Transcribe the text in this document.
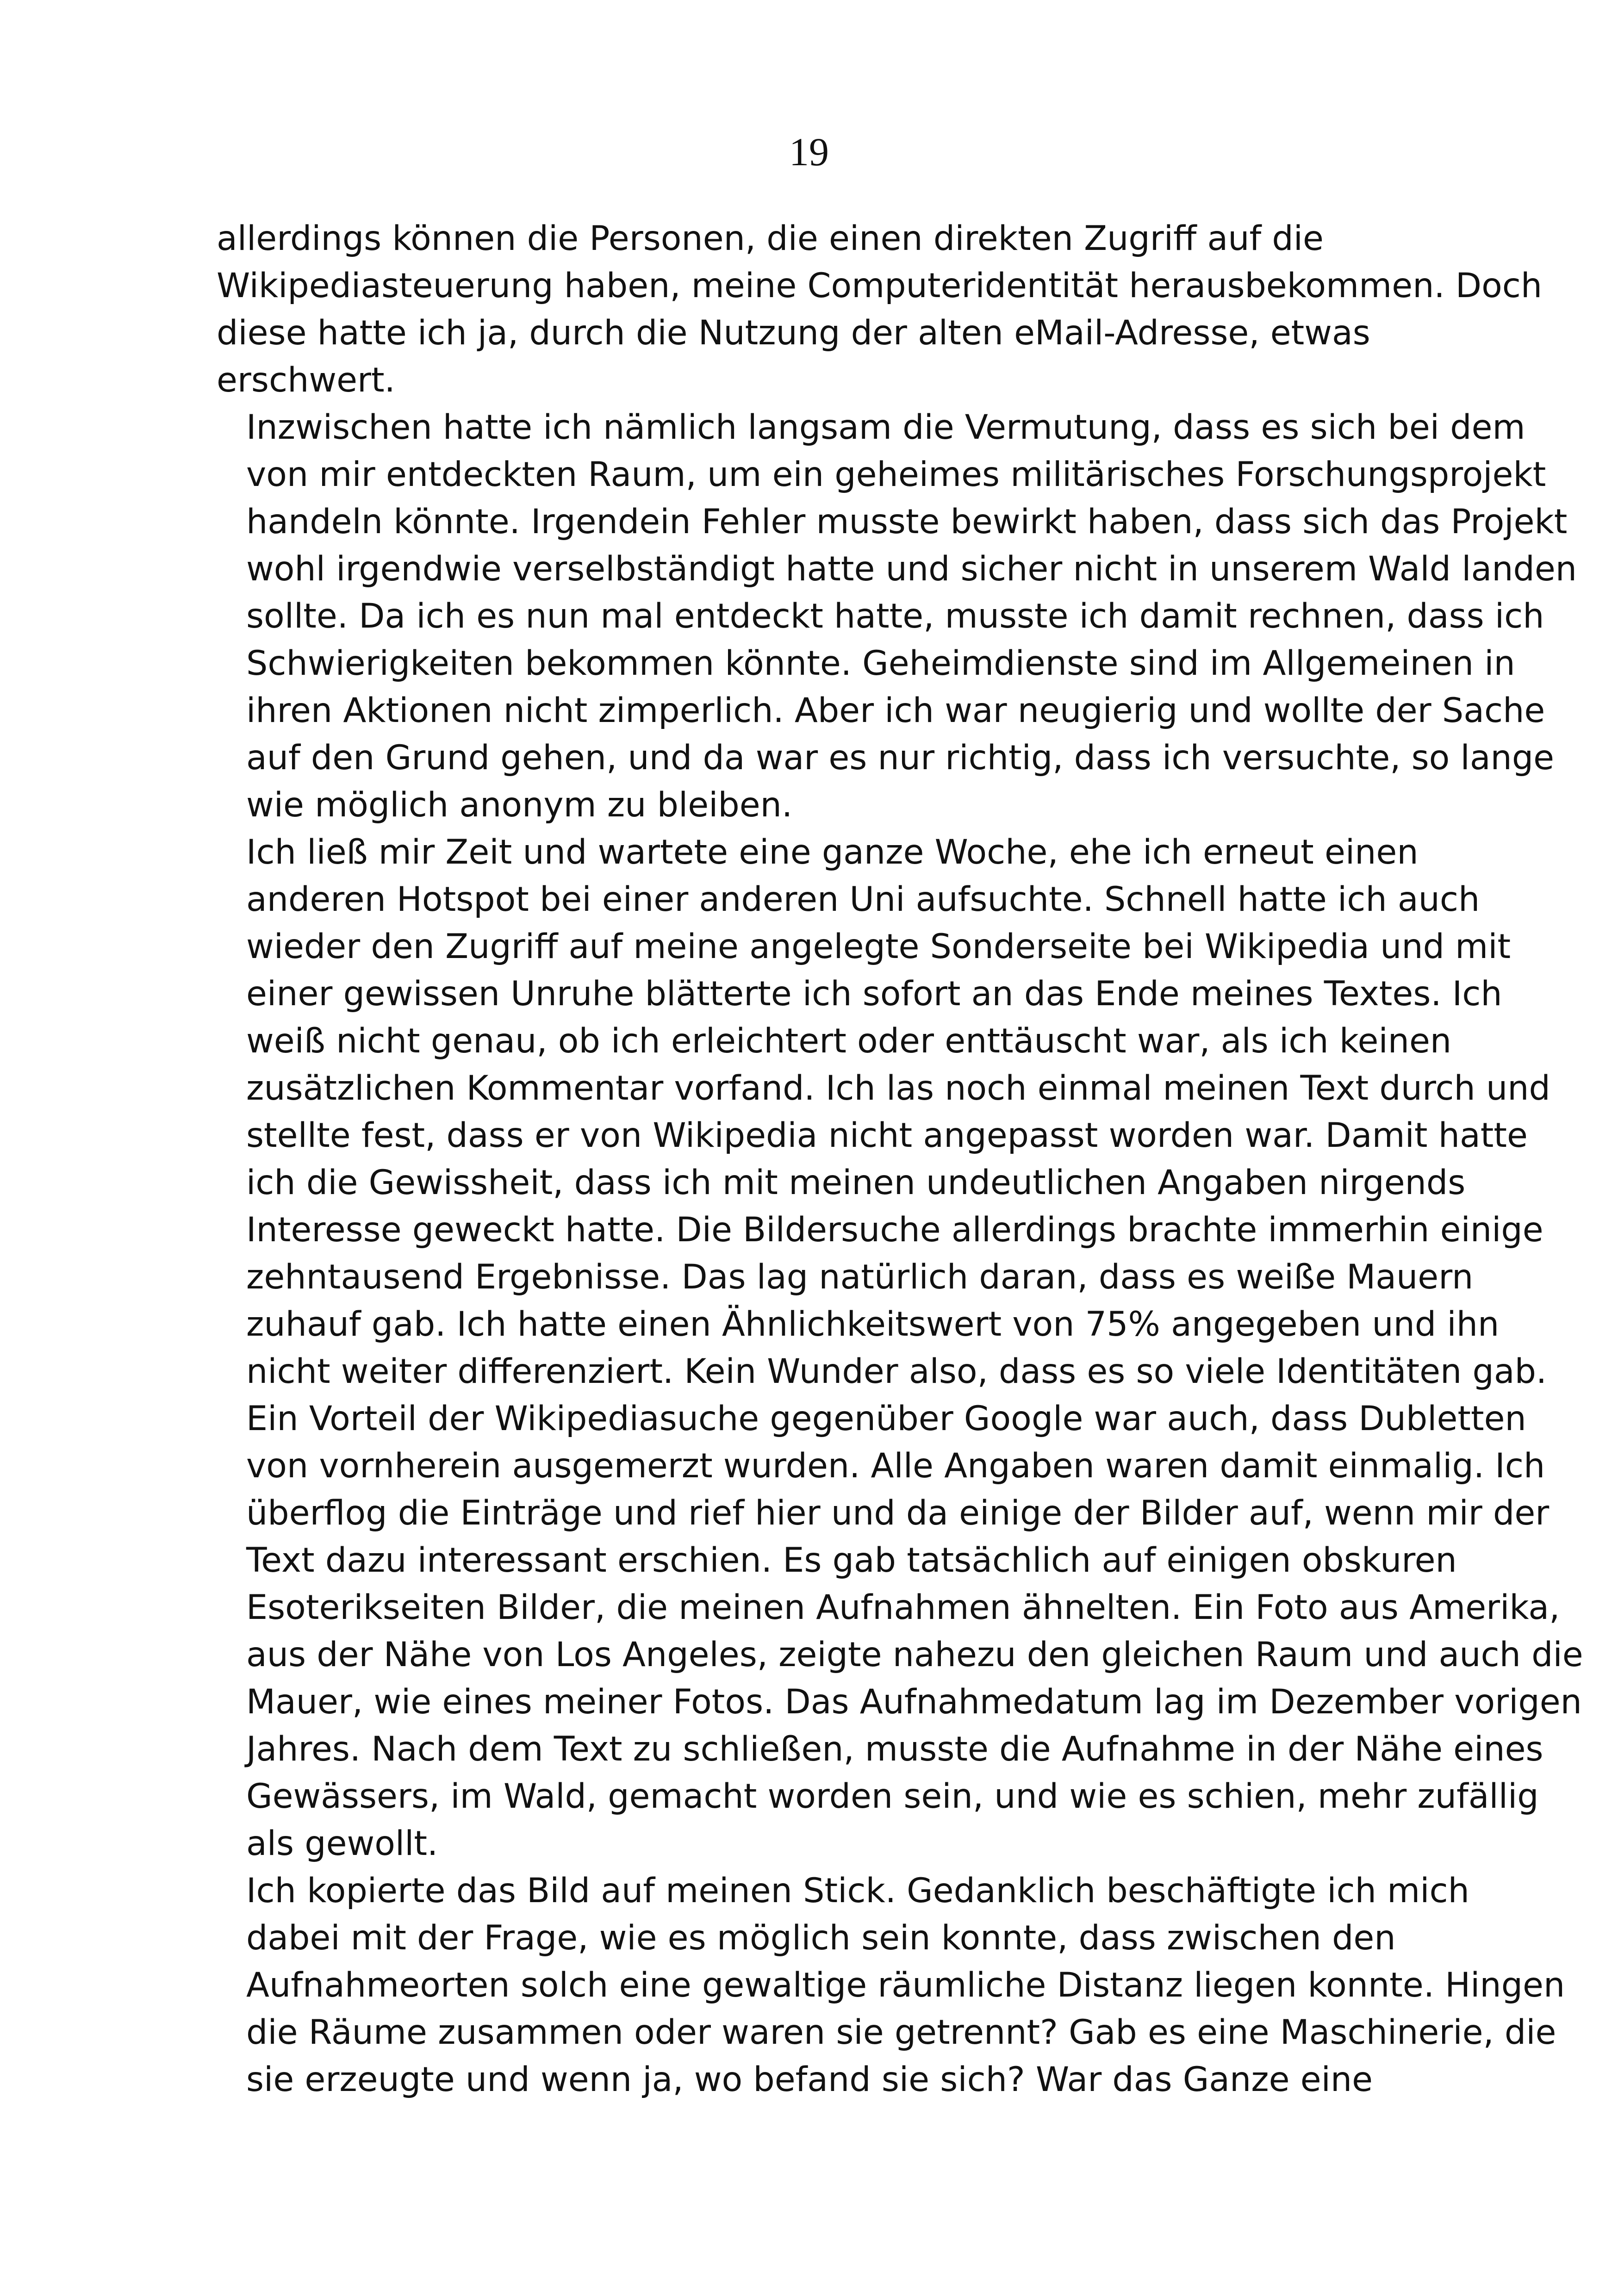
19

allerdings können die Personen, die einen direkten Zugriff auf die
Wikipediasteuerung haben, meine Computeridentität herausbekommen. Doch
diese hatte ich ja, durch die Nutzung der alten eMail-Adresse, etwas
erschwert.

Inzwischen hatte ich nämlich langsam die Vermutung, dass es sich bei dem
von mir entdeckten Raum, um ein geheimes militärisches Forschungsprojekt
handeln könnte. Irgendein Fehler musste bewirkt haben, dass sich das Projekt
wohl irgendwie verselbständigt hatte und sicher nicht in unserem Wald landen
sollte. Da ich es nun mal entdeckt hatte, musste ich damit rechnen, dass ich
Schwierigkeiten bekommen könnte. Geheimdienste sind im Allgemeinen in
ihren Aktionen nicht zimperlich. Aber ich war neugierig und wollte der Sache
auf den Grund gehen, und da war es nur richtig, dass ich versuchte, so lange
wie möglich anonym zu bleiben.

Ich ließ mir Zeit und wartete eine ganze Woche, ehe ich erneut einen
anderen Hotspot bei einer anderen Uni aufsuchte. Schnell hatte ich auch
wieder den Zugriff auf meine angelegte Sonderseite bei Wikipedia und mit
einer gewissen Unruhe blätterte ich sofort an das Ende meines Textes. Ich
weiß nicht genau, ob ich erleichtert oder enttäuscht war, als ich keinen
zusätzlichen Kommentar vorfand. Ich las noch einmal meinen Text durch und
stellte fest, dass er von Wikipedia nicht angepasst worden war. Damit hatte
ich die Gewissheit, dass ich mit meinen undeutlichen Angaben nirgends
Interesse geweckt hatte. Die Bildersuche allerdings brachte immerhin einige
zehntausend Ergebnisse. Das lag natürlich daran, dass es weiße Mauern
zuhauf gab. Ich hatte einen Ähnlichkeitswert von 75% angegeben und ihn
nicht weiter differenziert. Kein Wunder also, dass es so viele Identitäten gab.

Ein Vorteil der Wikipediasuche gegenüber Google war auch, dass Dubletten
von vornherein ausgemerzt wurden. Alle Angaben waren damit einmalig. Ich
überflog die Einträge und rief hier und da einige der Bilder auf, wenn mir der
Text dazu interessant erschien. Es gab tatsächlich auf einigen obskuren
Esoterikseiten Bilder, die meinen Aufnahmen ähnelten. Ein Foto aus Amerika,
aus der Nähe von Los Angeles, zeigte nahezu den gleichen Raum und auch die
Mauer, wie eines meiner Fotos. Das Aufnahmedatum lag im Dezember vorigen
Jahres. Nach dem Text zu schließen, musste die Aufnahme in der Nähe eines
Gewässers, im Wald, gemacht worden sein, und wie es schien, mehr zufällig
als gewollt.

Ich kopierte das Bild auf meinen Stick. Gedanklich beschäftigte ich mich
dabei mit der Frage, wie es möglich sein konnte, dass zwischen den
Aufnahmeorten solch eine gewaltige räumliche Distanz liegen konnte. Hingen
die Räume zusammen oder waren sie getrennt? Gab es eine Maschinerie, die
sie erzeugte und wenn ja, wo befand sie sich? War das Ganze eine
